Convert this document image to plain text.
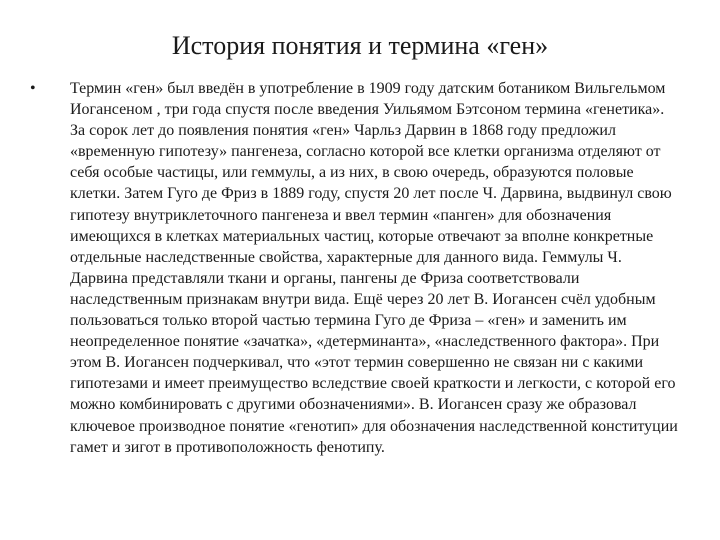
История понятия и термина «ген»
•	Термин «ген» был введён в употребление в 1909 году датским ботаником Вильгельмом Иогансеном , три года спустя после введения Уильямом Бэтсоном термина «генетика». За сорок лет до появления понятия «ген» Чарльз Дарвин в 1868 году предложил «временную гипотезу» пангенеза, согласно которой все клетки организма отделяют от себя особые частицы, или геммулы, а из них, в свою очередь, образуются половые клетки. Затем Гуго де Фриз в 1889 году, спустя 20 лет после Ч. Дарвина, выдвинул свою гипотезу внутриклеточного пангенеза и ввел термин «панген» для обозначения имеющихся в клетках материальных частиц, которые отвечают за вполне конкретные отдельные наследственные свойства, характерные для данного вида. Геммулы Ч. Дарвина представляли ткани и органы, пангены де Фриза соответствовали наследственным признакам внутри вида. Ещё через 20 лет В. Иогансен счёл удобным пользоваться только второй частью термина Гуго де Фриза – «ген» и заменить им неопределенное понятие «зачатка», «детерминанта», «наследственного фактора». При этом В. Иогансен подчеркивал, что «этот термин совершенно не связан ни с какими гипотезами и имеет преимущество вследствие своей краткости и легкости, с которой его можно комбинировать с другими обозначениями». В. Иогансен сразу же образовал ключевое производное понятие «генотип» для обозначения наследственной конституции гамет и зигот в противоположность фенотипу.
